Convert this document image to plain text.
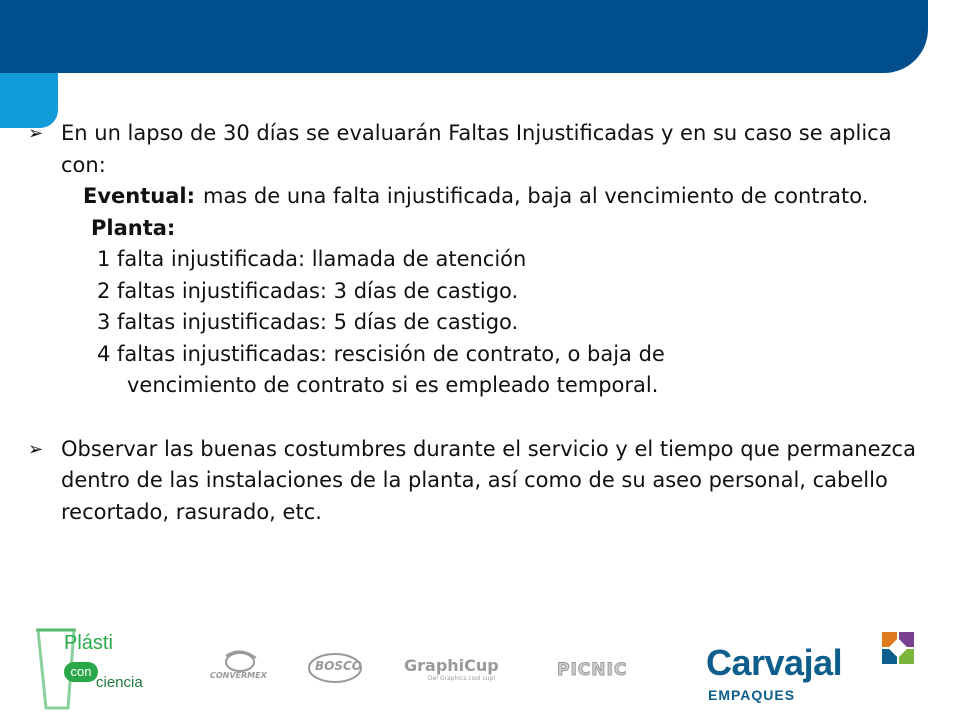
➢ En un lapso de 30 días se evaluarán Faltas Injustificadas y en su caso se aplica con:
Eventual: mas de una falta injustificada, baja al vencimiento de contrato.
Planta:
1 falta injustificada: llamada de atención
2 faltas injustificadas: 3 días de castigo.
3 faltas injustificadas: 5 días de castigo.
4 faltas injustificadas: rescisión de contrato, o baja de
vencimiento de contrato si es empleado temporal.
➢ Observar las buenas costumbres durante el servicio y el tiempo que permanezca dentro de las instalaciones de la planta, así como de su aseo personal, cabello recortado, rasurado, etc.
Plásti
con
ciencia	CONVERMEX
BOSCO	GraphiCup
Del Graphics cool cup!	PICNIC	Carvajal
EMPAQUES
